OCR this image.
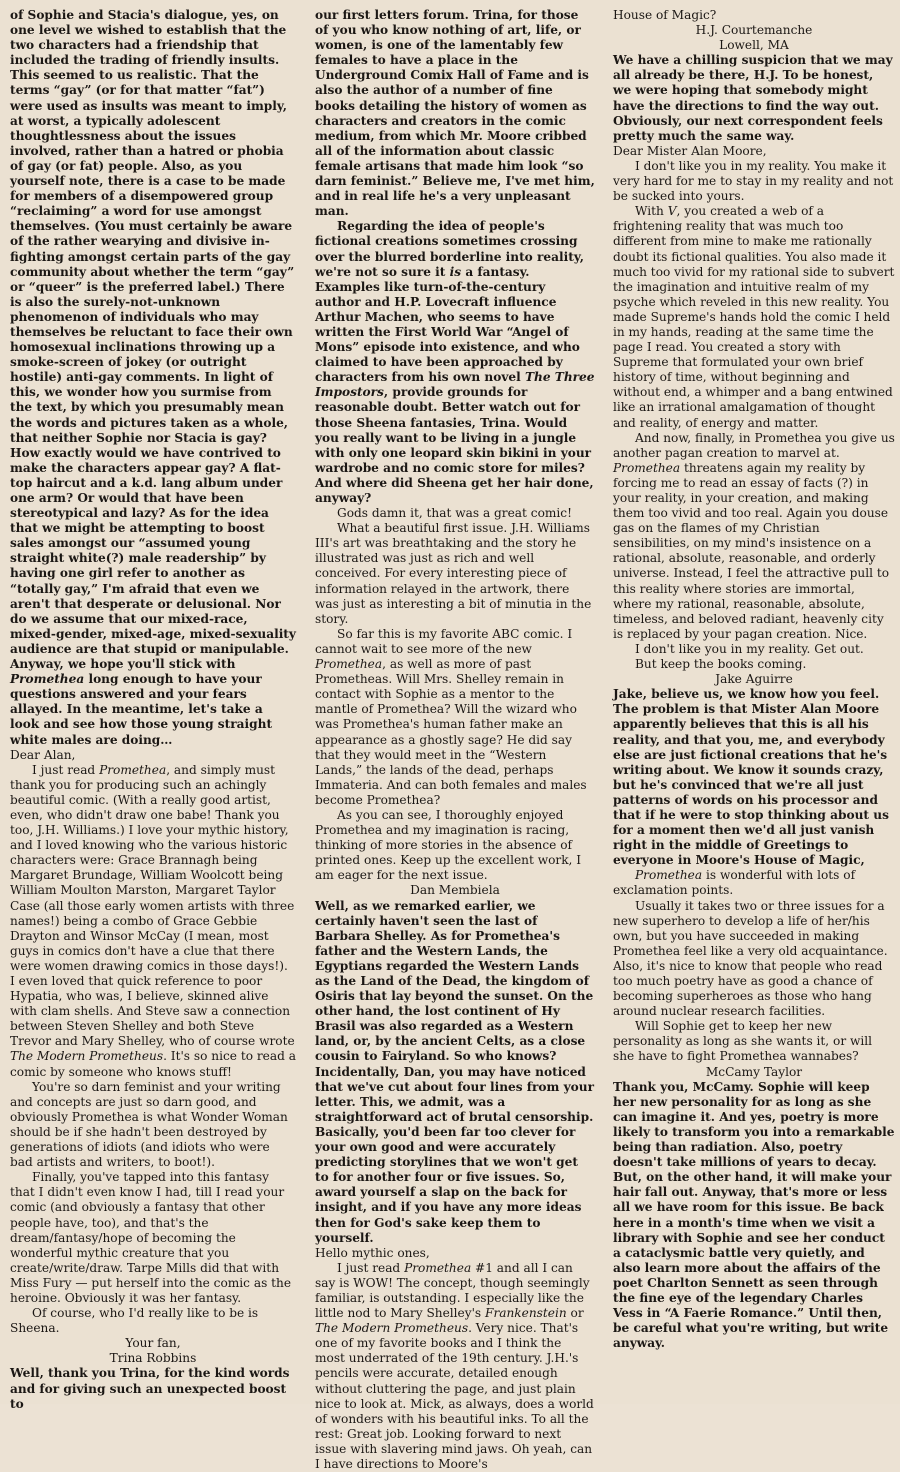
of Sophie and Stacia's dialogue, yes, on one level we wished to establish that the two characters had a friendship that included the trading of friendly insults. This seemed to us realistic. That the terms “gay” (or for that matter “fat”) were used as insults was meant to imply, at worst, a typically adolescent thoughtlessness about the issues involved, rather than a hatred or phobia of gay (or fat) people. Also, as you yourself note, there is a case to be made for members of a disempowered group “reclaiming” a word for use amongst themselves. (You must certainly be aware of the rather wearying and divisive in-fighting amongst certain parts of the gay community about whether the term “gay” or “queer” is the preferred label.) There is also the surely-not-unknown phenomenon of individuals who may themselves be reluctant to face their own homosexual inclinations throwing up a smoke-screen of jokey (or outright hostile) anti-gay comments. In light of this, we wonder how you surmise from the text, by which you presumably mean the words and pictures taken as a whole, that neither Sophie nor Stacia is gay? How exactly would we have contrived to make the characters appear gay? A flat-top haircut and a k.d. lang album under one arm? Or would that have been stereotypical and lazy? As for the idea that we might be attempting to boost sales amongst our “assumed young straight white(?) male readership” by having one girl refer to another as “totally gay,” I'm afraid that even we aren't that desperate or delusional. Nor do we assume that our mixed-race, mixed-gender, mixed-age, mixed-sexuality audience are that stupid or manipulable. Anyway, we hope you'll stick with Promethea long enough to have your questions answered and your fears allayed. In the meantime, let's take a look and see how those young straight white males are doing…

Dear Alan,

I just read Promethea, and simply must thank you for producing such an achingly beautiful comic. (With a really good artist, even, who didn't draw one babe! Thank you too, J.H. Williams.) I love your mythic history, and I loved knowing who the various historic characters were: Grace Brannagh being Margaret Brundage, William Woolcott being William Moulton Marston, Margaret Taylor Case (all those early women artists with three names!) being a combo of Grace Gebbie Drayton and Winsor McCay (I mean, most guys in comics don't have a clue that there were women drawing comics in those days!). I even loved that quick reference to poor Hypatia, who was, I believe, skinned alive with clam shells. And Steve saw a connection between Steven Shelley and both Steve Trevor and Mary Shelley, who of course wrote The Modern Prometheus. It's so nice to read a comic by someone who knows stuff!

You're so darn feminist and your writing and concepts are just so darn good, and obviously Promethea is what Wonder Woman should be if she hadn't been destroyed by generations of idiots (and idiots who were bad artists and writers, to boot!).

Finally, you've tapped into this fantasy that I didn't even know I had, till I read your comic (and obviously a fantasy that other people have, too), and that's the dream/fantasy/hope of becoming the wonderful mythic creature that you create/write/draw. Tarpe Mills did that with Miss Fury — put herself into the comic as the heroine. Obviously it was her fantasy.

Of course, who I'd really like to be is Sheena.

Your fan,

Trina Robbins

Well, thank you Trina, for the kind words and for giving such an unexpected boost to

our first letters forum. Trina, for those of you who know nothing of art, life, or women, is one of the lamentably few females to have a place in the Underground Comix Hall of Fame and is also the author of a number of fine books detailing the history of women as characters and creators in the comic medium, from which Mr. Moore cribbed all of the information about classic female artisans that made him look “so darn feminist.” Believe me, I've met him, and in real life he's a very unpleasant man.

Regarding the idea of people's fictional creations sometimes crossing over the blurred borderline into reality, we're not so sure it is a fantasy. Examples like turn-of-the-century author and H.P. Lovecraft influence Arthur Machen, who seems to have written the First World War “Angel of Mons” episode into existence, and who claimed to have been approached by characters from his own novel The Three Impostors, provide grounds for reasonable doubt. Better watch out for those Sheena fantasies, Trina. Would you really want to be living in a jungle with only one leopard skin bikini in your wardrobe and no comic store for miles? And where did Sheena get her hair done, anyway?

Gods damn it, that was a great comic!

What a beautiful first issue. J.H. Williams III's art was breathtaking and the story he illustrated was just as rich and well conceived. For every interesting piece of information relayed in the artwork, there was just as interesting a bit of minutia in the story.

So far this is my favorite ABC comic. I cannot wait to see more of the new Promethea, as well as more of past Prometheas. Will Mrs. Shelley remain in contact with Sophie as a mentor to the mantle of Promethea? Will the wizard who was Promethea's human father make an appearance as a ghostly sage? He did say that they would meet in the “Western Lands,” the lands of the dead, perhaps Immateria. And can both females and males become Promethea?

As you can see, I thoroughly enjoyed Promethea and my imagination is racing, thinking of more stories in the absence of printed ones. Keep up the excellent work, I am eager for the next issue.

Dan Membiela

Well, as we remarked earlier, we certainly haven't seen the last of Barbara Shelley. As for Promethea's father and the Western Lands, the Egyptians regarded the Western Lands as the Land of the Dead, the kingdom of Osiris that lay beyond the sunset. On the other hand, the lost continent of Hy Brasil was also regarded as a Western land, or, by the ancient Celts, as a close cousin to Fairyland. So who knows? Incidentally, Dan, you may have noticed that we've cut about four lines from your letter. This, we admit, was a straightforward act of brutal censorship. Basically, you'd been far too clever for your own good and were accurately predicting storylines that we won't get to for another four or five issues. So, award yourself a slap on the back for insight, and if you have any more ideas then for God's sake keep them to yourself.

Hello mythic ones,

I just read Promethea #1 and all I can say is WOW! The concept, though seemingly familiar, is outstanding. I especially like the little nod to Mary Shelley's Frankenstein or The Modern Prometheus. Very nice. That's one of my favorite books and I think the most underrated of the 19th century. J.H.'s pencils were accurate, detailed enough without cluttering the page, and just plain nice to look at. Mick, as always, does a world of wonders with his beautiful inks. To all the rest: Great job. Looking forward to next issue with slavering mind jaws. Oh yeah, can I have directions to Moore's

House of Magic?

H.J. Courtemanche

Lowell, MA

We have a chilling suspicion that we may all already be there, H.J. To be honest, we were hoping that somebody might have the directions to find the way out. Obviously, our next correspondent feels pretty much the same way.

Dear Mister Alan Moore,

I don't like you in my reality. You make it very hard for me to stay in my reality and not be sucked into yours.

With V, you created a web of a frightening reality that was much too different from mine to make me rationally doubt its fictional qualities. You also made it much too vivid for my rational side to subvert the imagination and intuitive realm of my psyche which reveled in this new reality. You made Supreme's hands hold the comic I held in my hands, reading at the same time the page I read. You created a story with Supreme that formulated your own brief history of time, without beginning and without end, a whimper and a bang entwined like an irrational amalgamation of thought and reality, of energy and matter.

And now, finally, in Promethea you give us another pagan creation to marvel at. Promethea threatens again my reality by forcing me to read an essay of facts (?) in your reality, in your creation, and making them too vivid and too real. Again you douse gas on the flames of my Christian sensibilities, on my mind's insistence on a rational, absolute, reasonable, and orderly universe. Instead, I feel the attractive pull to this reality where stories are immortal, where my rational, reasonable, absolute, timeless, and beloved radiant, heavenly city is replaced by your pagan creation. Nice.

I don't like you in my reality. Get out.

But keep the books coming.

Jake Aguirre

Jake, believe us, we know how you feel. The problem is that Mister Alan Moore apparently believes that this is all his reality, and that you, me, and everybody else are just fictional creations that he's writing about. We know it sounds crazy, but he's convinced that we're all just patterns of words on his processor and that if he were to stop thinking about us for a moment then we'd all just vanish right in the middle of Greetings to everyone in Moore's House of Magic,

Promethea is wonderful with lots of exclamation points.

Usually it takes two or three issues for a new superhero to develop a life of her/his own, but you have succeeded in making Promethea feel like a very old acquaintance. Also, it's nice to know that people who read too much poetry have as good a chance of becoming superheroes as those who hang around nuclear research facilities.

Will Sophie get to keep her new personality as long as she wants it, or will she have to fight Promethea wannabes?

McCamy Taylor

Thank you, McCamy. Sophie will keep her new personality for as long as she can imagine it. And yes, poetry is more likely to transform you into a remarkable being than radiation. Also, poetry doesn't take millions of years to decay. But, on the other hand, it will make your hair fall out. Anyway, that's more or less all we have room for this issue. Be back here in a month's time when we visit a library with Sophie and see her conduct a cataclysmic battle very quietly, and also learn more about the affairs of the poet Charlton Sennett as seen through the fine eye of the legendary Charles Vess in “A Faerie Romance.” Until then, be careful what you're writing, but write anyway.
